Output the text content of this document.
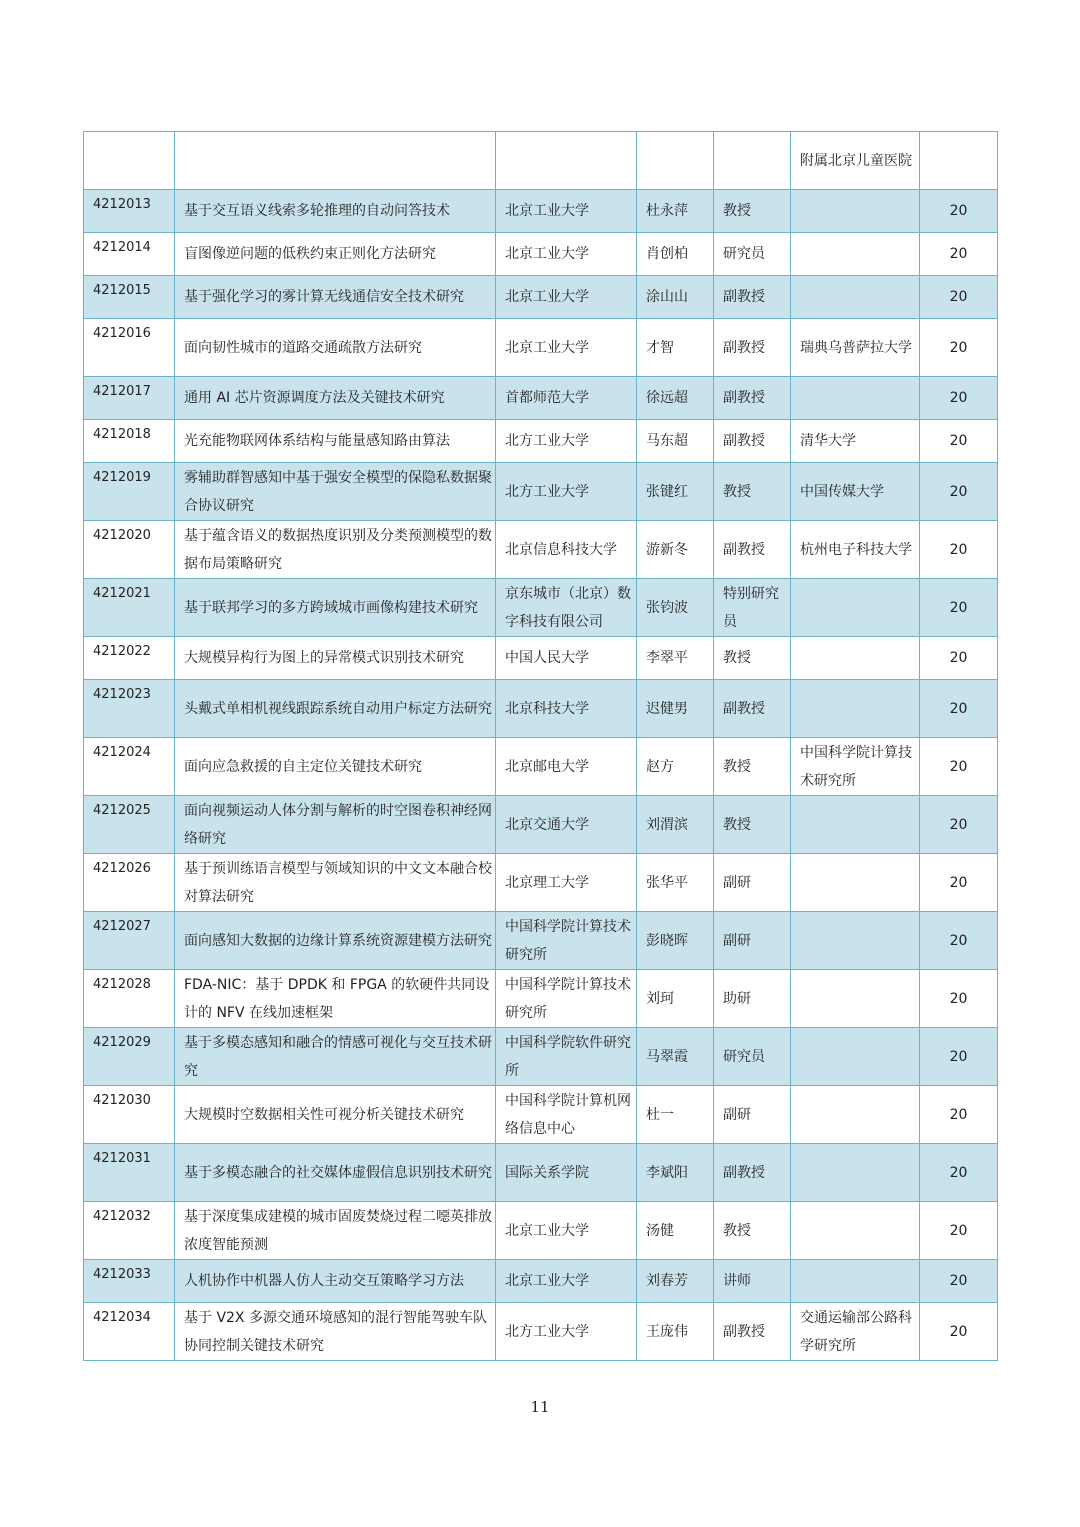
					附属北京儿童医院	
4212013	基于交互语义线索多轮推理的自动问答技术	北京工业大学	杜永萍	教授		20
4212014	盲图像逆问题的低秩约束正则化方法研究	北京工业大学	肖创柏	研究员		20
4212015	基于强化学习的雾计算无线通信安全技术研究	北京工业大学	涂山山	副教授		20
4212016	面向韧性城市的道路交通疏散方法研究	北京工业大学	才智	副教授	瑞典乌普萨拉大学	20
4212017	通用 AI 芯片资源调度方法及关键技术研究	首都师范大学	徐远超	副教授		20
4212018	光充能物联网体系结构与能量感知路由算法	北方工业大学	马东超	副教授	清华大学	20
4212019	雾辅助群智感知中基于强安全模型的保隐私数据聚合协议研究	北方工业大学	张键红	教授	中国传媒大学	20
4212020	基于蕴含语义的数据热度识别及分类预测模型的数据布局策略研究	北京信息科技大学	游新冬	副教授	杭州电子科技大学	20
4212021	基于联邦学习的多方跨域城市画像构建技术研究	京东城市（北京）数字科技有限公司	张钧波	特别研究员		20
4212022	大规模异构行为图上的异常模式识别技术研究	中国人民大学	李翠平	教授		20
4212023	头戴式单相机视线跟踪系统自动用户标定方法研究	北京科技大学	迟健男	副教授		20
4212024	面向应急救援的自主定位关键技术研究	北京邮电大学	赵方	教授	中国科学院计算技术研究所	20
4212025	面向视频运动人体分割与解析的时空图卷积神经网络研究	北京交通大学	刘渭滨	教授		20
4212026	基于预训练语言模型与领域知识的中文文本融合校对算法研究	北京理工大学	张华平	副研		20
4212027	面向感知大数据的边缘计算系统资源建模方法研究	中国科学院计算技术研究所	彭晓晖	副研		20
4212028	FDA-NIC：基于 DPDK 和 FPGA 的软硬件共同设计的 NFV 在线加速框架	中国科学院计算技术研究所	刘珂	助研		20
4212029	基于多模态感知和融合的情感可视化与交互技术研究	中国科学院软件研究所	马翠霞	研究员		20
4212030	大规模时空数据相关性可视分析关键技术研究	中国科学院计算机网络信息中心	杜一	副研		20
4212031	基于多模态融合的社交媒体虚假信息识别技术研究	国际关系学院	李斌阳	副教授		20
4212032	基于深度集成建模的城市固废焚烧过程二噁英排放浓度智能预测	北京工业大学	汤健	教授		20
4212033	人机协作中机器人仿人主动交互策略学习方法	北京工业大学	刘春芳	讲师		20
4212034	基于 V2X 多源交通环境感知的混行智能驾驶车队协同控制关键技术研究	北方工业大学	王庞伟	副教授	交通运输部公路科学研究所	20
11
